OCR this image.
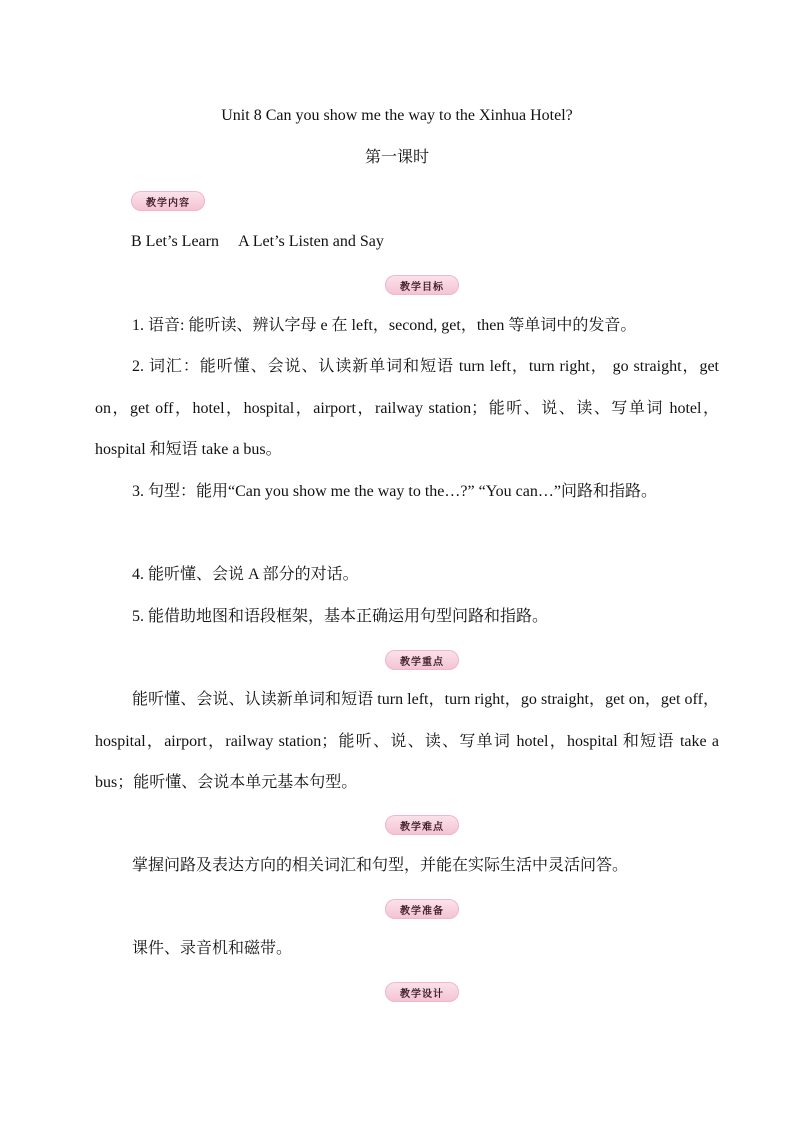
Unit 8 Can you show me the way to the Xinhua Hotel?
第一课时
教学内容
B Let’s Learn　 A Let’s Listen and Say
教学目标
1. 语音: 能听读、辨认字母 e 在 left，second, get，then 等单词中的发音。
2. 词汇：能听懂、会说、认读新单词和短语 turn left，turn right， go straight，get on，get off，hotel，hospital，airport，railway station；能听、说、读、写单词 hotel，hospital 和短语 take a bus。
3. 句型：能用“Can you show me the way to the…?” “You can…”问路和指路。
4. 能听懂、会说 A 部分的对话。
5. 能借助地图和语段框架，基本正确运用句型问路和指路。
教学重点
能听懂、会说、认读新单词和短语 turn left，turn right，go straight，get on，get off，hospital，airport，railway station；能听、说、读、写单词 hotel，hospital 和短语 take a bus；能听懂、会说本单元基本句型。
教学难点
掌握问路及表达方向的相关词汇和句型，并能在实际生活中灵活问答。
教学准备
课件、录音机和磁带。
教学设计
